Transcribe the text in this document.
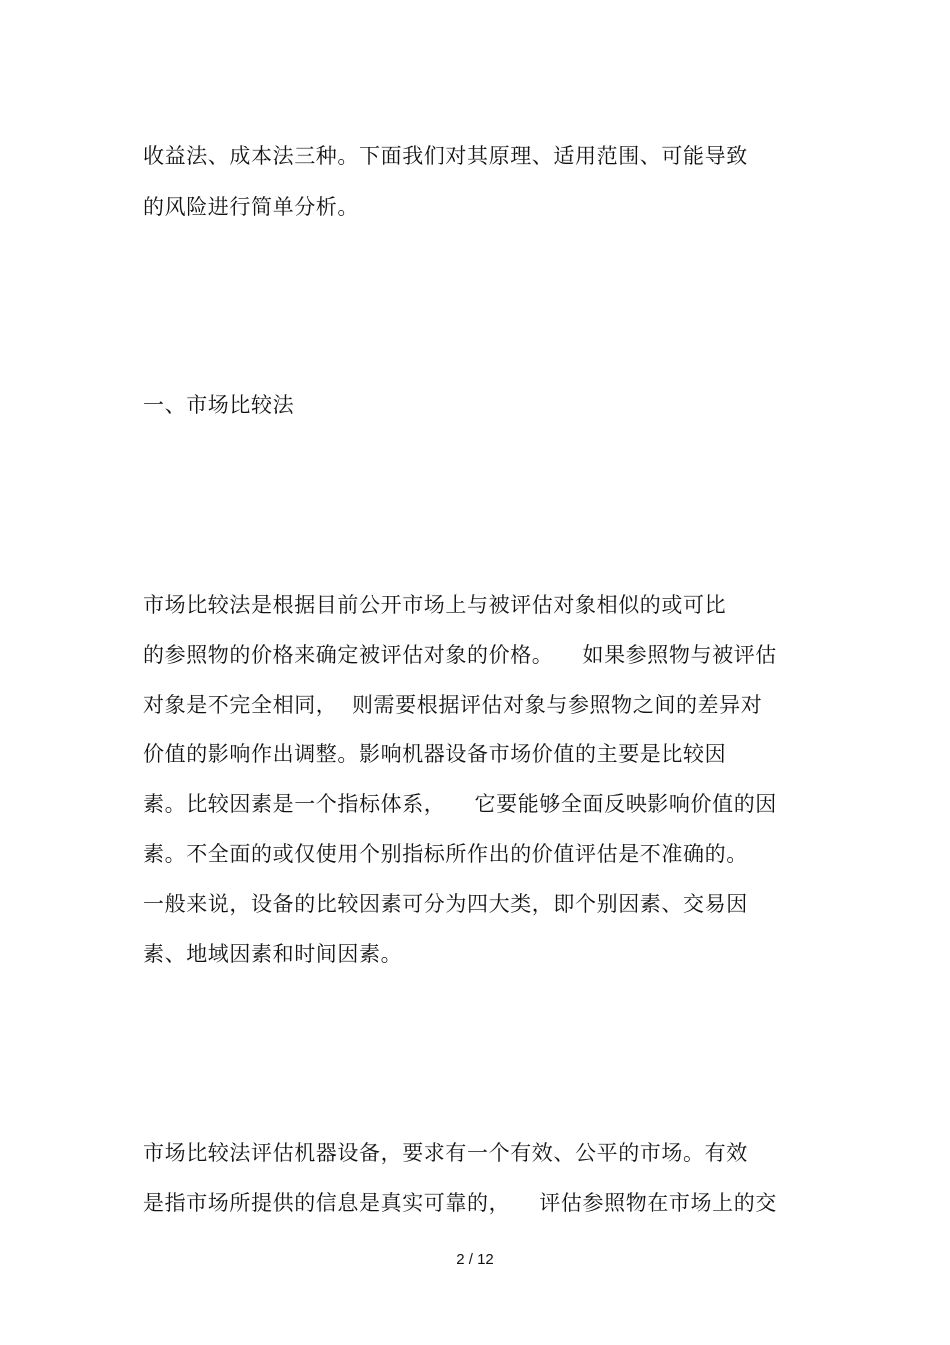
收益法、成本法三种。下面我们对其原理、适用范围、可能导致
的风险进行简单分析。
一、市场比较法
市场比较法是根据目前公开市场上与被评估对象相似的或可比
的参照物的价格来确定被评估对象的价格。    如果参照物与被评估
对象是不完全相同，  则需要根据评估对象与参照物之间的差异对
价值的影响作出调整。影响机器设备市场价值的主要是比较因
素。比较因素是一个指标体系，    它要能够全面反映影响价值的因
素。不全面的或仅使用个别指标所作出的价值评估是不准确的。
一般来说，设备的比较因素可分为四大类，即个别因素、交易因
素、地域因素和时间因素。
市场比较法评估机器设备，要求有一个有效、公平的市场。有效
是指市场所提供的信息是真实可靠的，    评估参照物在市场上的交
2 / 12
